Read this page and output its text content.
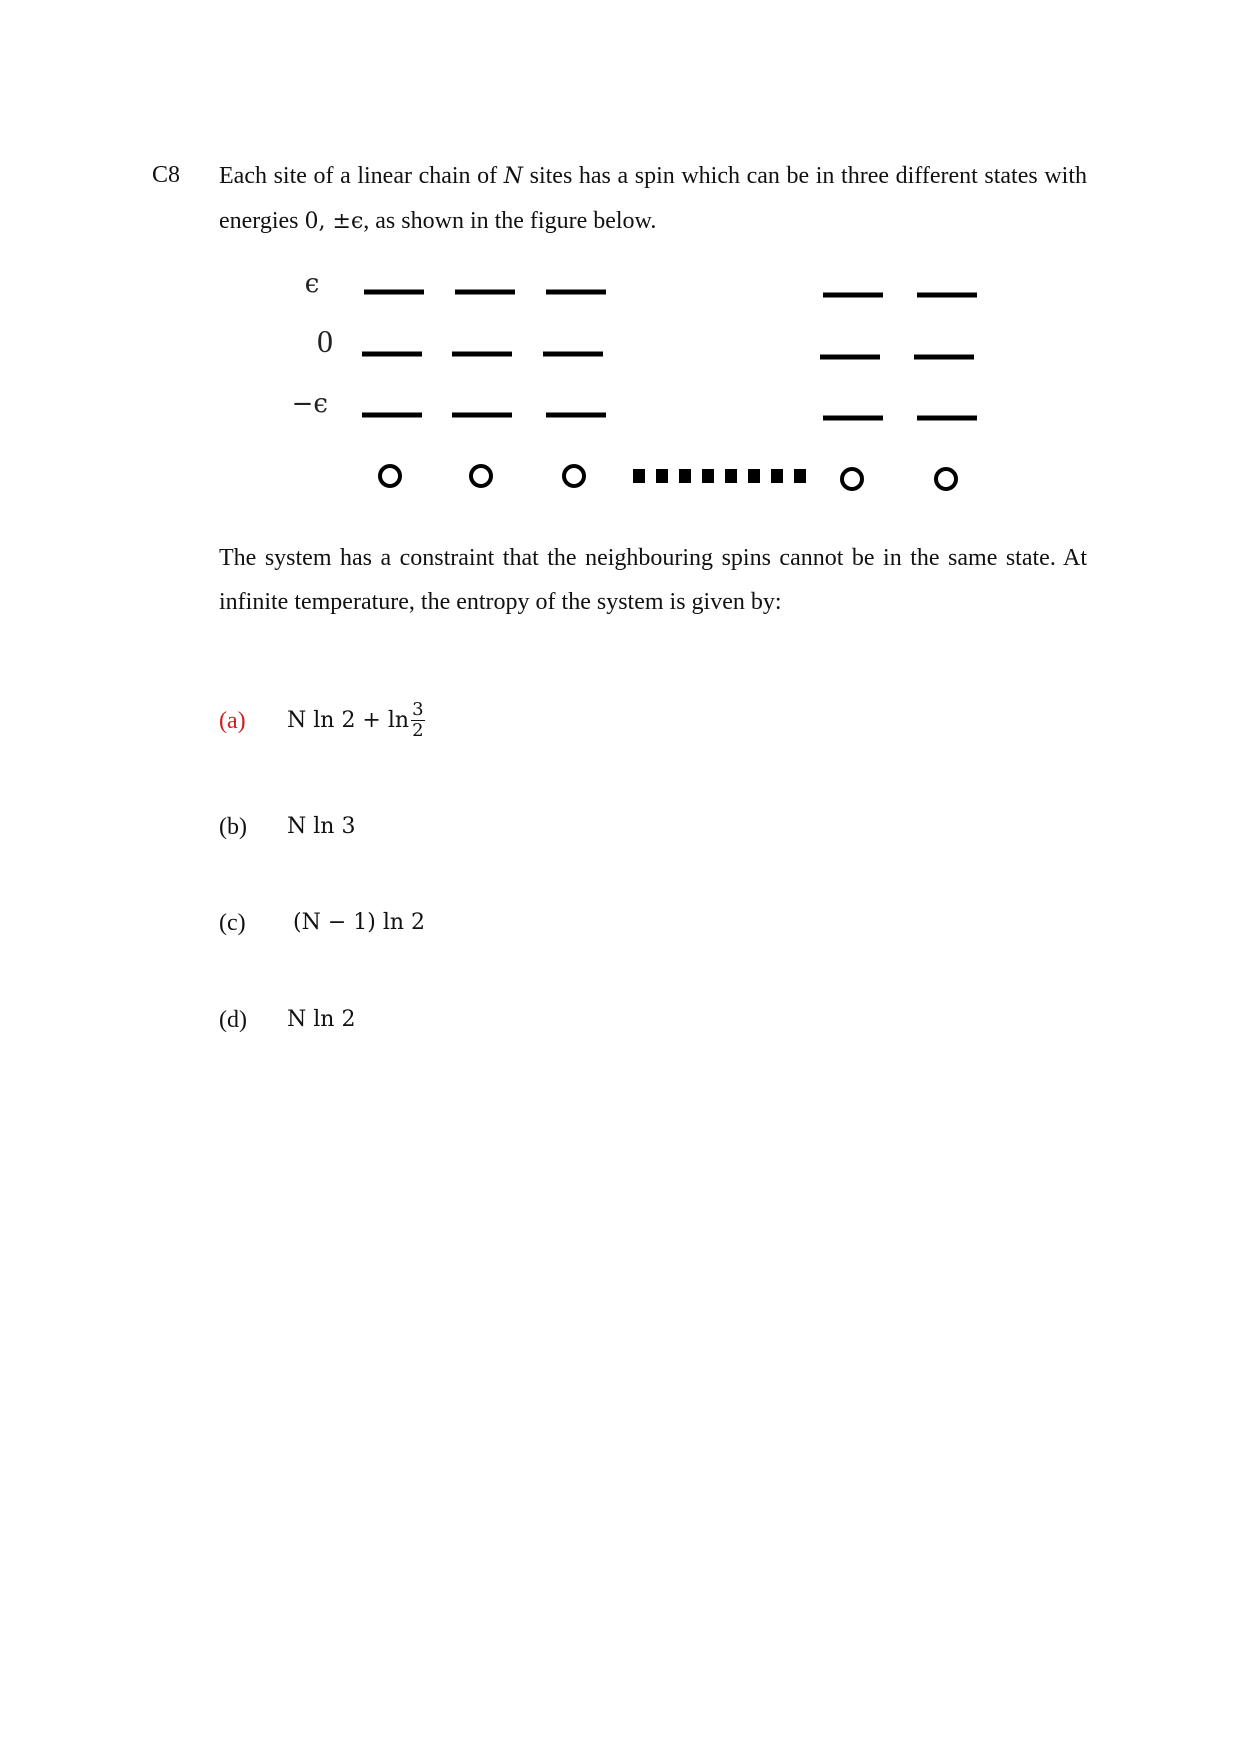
C8 Each site of a linear chain of N sites has a spin which can be in three different states with energies 0, ±ϵ, as shown in the figure below.
ϵ
0
−ϵ
The system has a constraint that the neighbouring spins cannot be in the same state. At infinite temperature, the entropy of the system is given by:
(a)	N $\ln 2 + \ln \frac{3}{2}$
(b)	N ln 3
(c)	(N − 1) ln 2
(d)	N ln 2
